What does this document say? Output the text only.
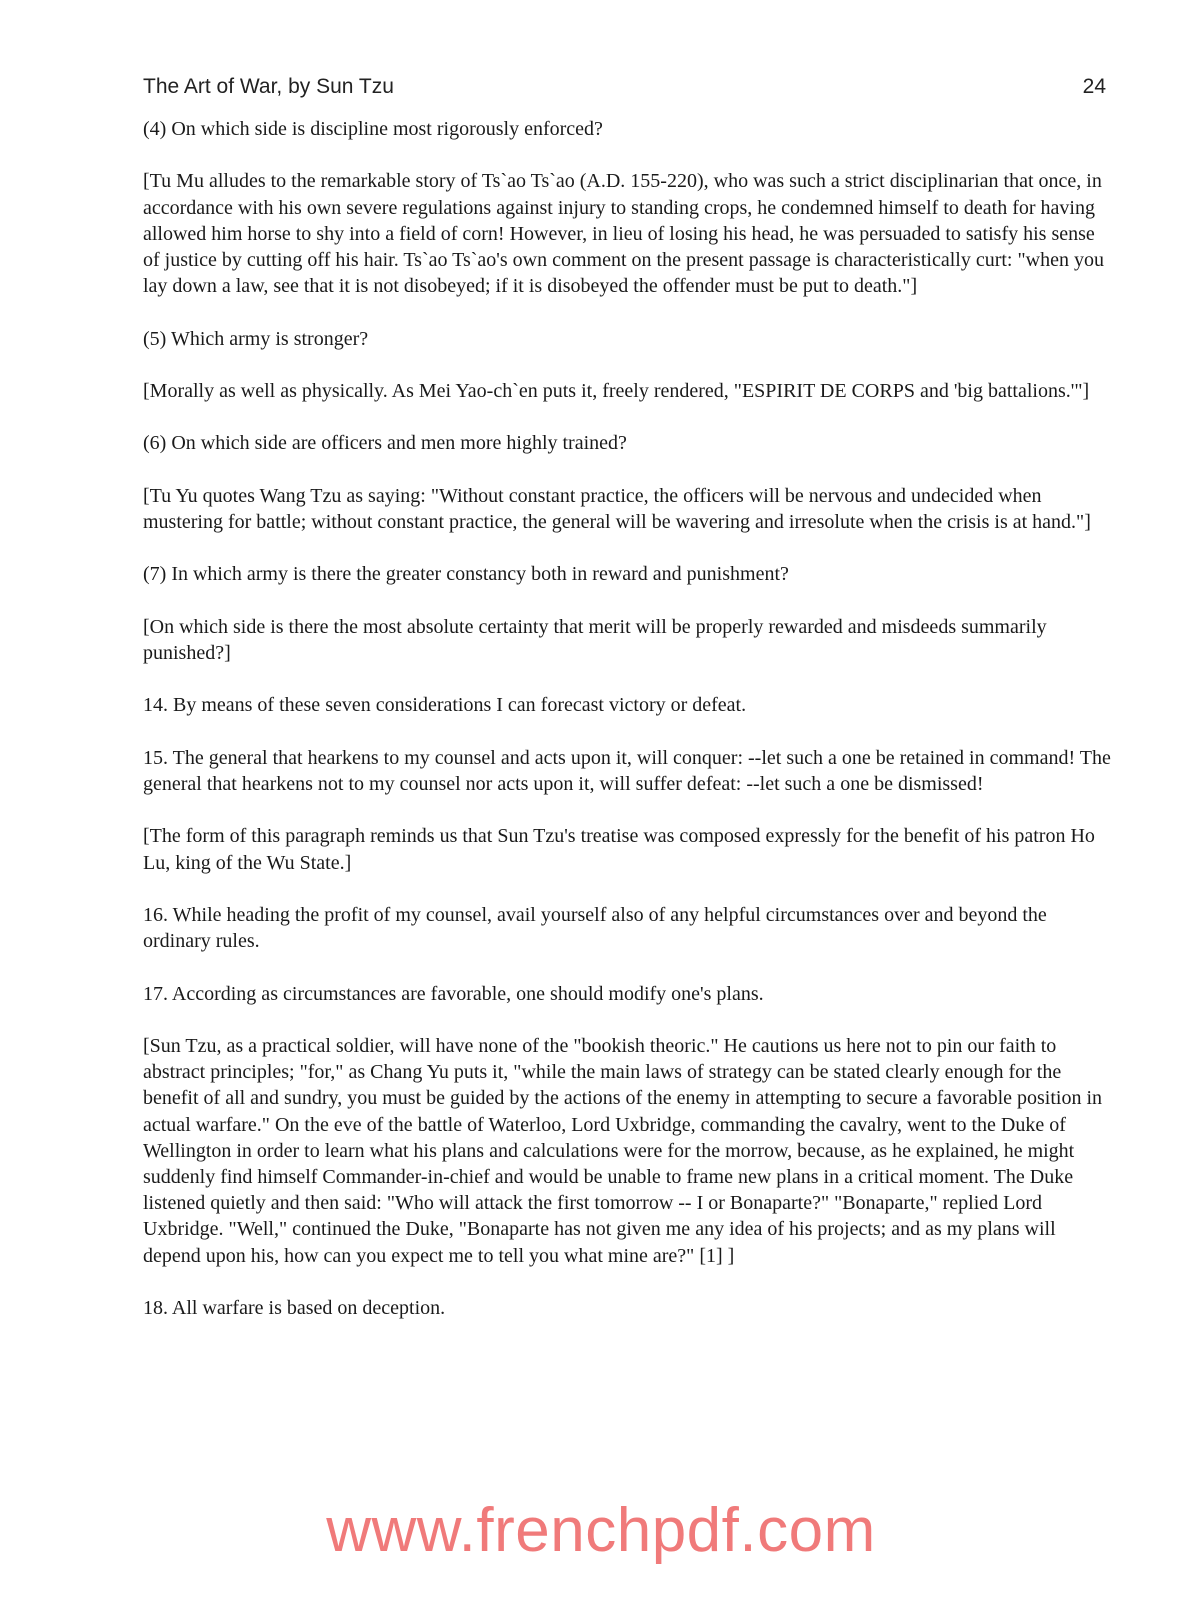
The Art of War, by Sun Tzu	24

(4) On which side is discipline most rigorously enforced?

[Tu Mu alludes to the remarkable story of Ts`ao Ts`ao (A.D. 155-220), who was such a strict disciplinarian that once, in accordance with his own severe regulations against injury to standing crops, he condemned himself to death for having allowed him horse to shy into a field of corn! However, in lieu of losing his head, he was persuaded to satisfy his sense of justice by cutting off his hair. Ts`ao Ts`ao's own comment on the present passage is characteristically curt: "when you lay down a law, see that it is not disobeyed; if it is disobeyed the offender must be put to death."]

(5) Which army is stronger?

[Morally as well as physically. As Mei Yao-ch`en puts it, freely rendered, "ESPIRIT DE CORPS and 'big battalions.'"]

(6) On which side are officers and men more highly trained?

[Tu Yu quotes Wang Tzu as saying: "Without constant practice, the officers will be nervous and undecided when mustering for battle; without constant practice, the general will be wavering and irresolute when the crisis is at hand."]

(7) In which army is there the greater constancy both in reward and punishment?

[On which side is there the most absolute certainty that merit will be properly rewarded and misdeeds summarily punished?]

14. By means of these seven considerations I can forecast victory or defeat.

15. The general that hearkens to my counsel and acts upon it, will conquer: --let such a one be retained in command! The general that hearkens not to my counsel nor acts upon it, will suffer defeat: --let such a one be dismissed!

[The form of this paragraph reminds us that Sun Tzu's treatise was composed expressly for the benefit of his patron Ho Lu, king of the Wu State.]

16. While heading the profit of my counsel, avail yourself also of any helpful circumstances over and beyond the ordinary rules.

17. According as circumstances are favorable, one should modify one's plans.

[Sun Tzu, as a practical soldier, will have none of the "bookish theoric." He cautions us here not to pin our faith to abstract principles; "for," as Chang Yu puts it, "while the main laws of strategy can be stated clearly enough for the benefit of all and sundry, you must be guided by the actions of the enemy in attempting to secure a favorable position in actual warfare." On the eve of the battle of Waterloo, Lord Uxbridge, commanding the cavalry, went to the Duke of Wellington in order to learn what his plans and calculations were for the morrow, because, as he explained, he might suddenly find himself Commander-in-chief and would be unable to frame new plans in a critical moment. The Duke listened quietly and then said: "Who will attack the first tomorrow -- I or Bonaparte?" "Bonaparte," replied Lord Uxbridge. "Well," continued the Duke, "Bonaparte has not given me any idea of his projects; and as my plans will depend upon his, how can you expect me to tell you what mine are?" [1] ]

18. All warfare is based on deception.

www.frenchpdf.com
